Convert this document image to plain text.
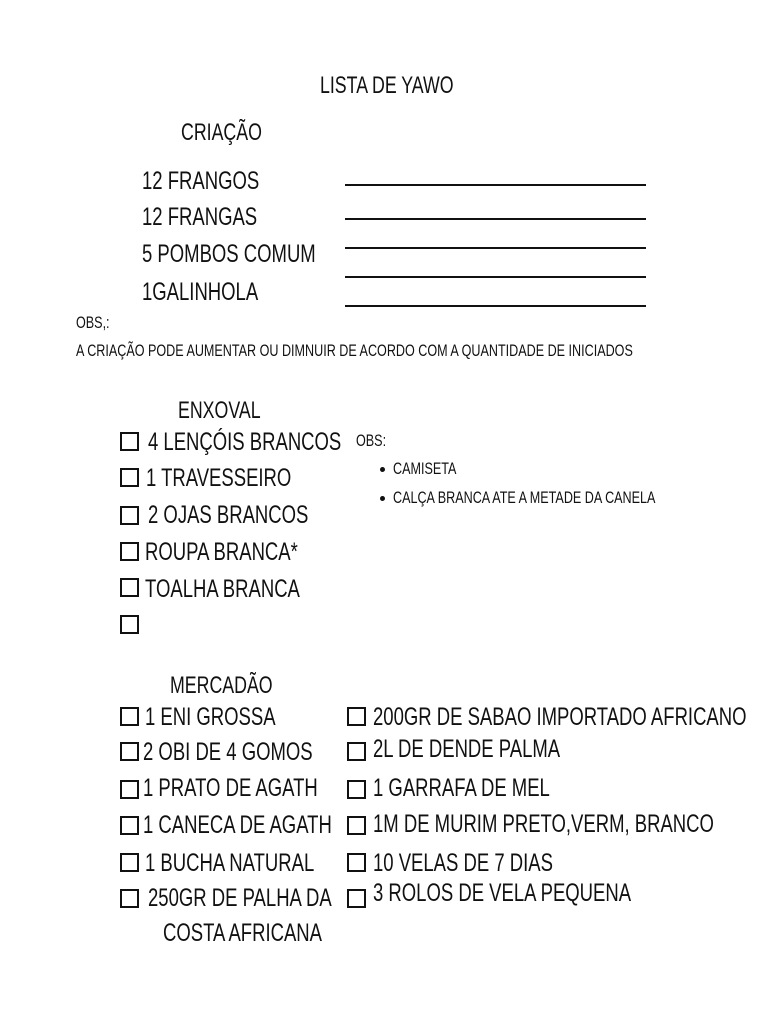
LISTA DE YAWO
CRIAÇÃO
12 FRANGOS
12 FRANGAS
5 POMBOS COMUM
1GALINHOLA
OBS,:
A CRIAÇÃO PODE AUMENTAR OU DIMNUIR DE ACORDO COM A QUANTIDADE DE INICIADOS
ENXOVAL
4 LENÇÓIS BRANCOS
1 TRAVESSEIRO
2 OJAS BRANCOS
ROUPA BRANCA*
TOALHA BRANCA
OBS:
CAMISETA
CALÇA BRANCA ATE A METADE DA CANELA
MERCADÃO
1 ENI GROSSA
2 OBI DE 4 GOMOS
1 PRATO DE AGATH
1 CANECA DE AGATH
1 BUCHA NATURAL
250GR DE PALHA DA
COSTA AFRICANA
200GR DE SABAO IMPORTADO AFRICANO
2L DE DENDE PALMA
1 GARRAFA DE MEL
1M DE MURIM PRETO,VERM, BRANCO
10 VELAS DE 7 DIAS
3 ROLOS DE VELA PEQUENA
